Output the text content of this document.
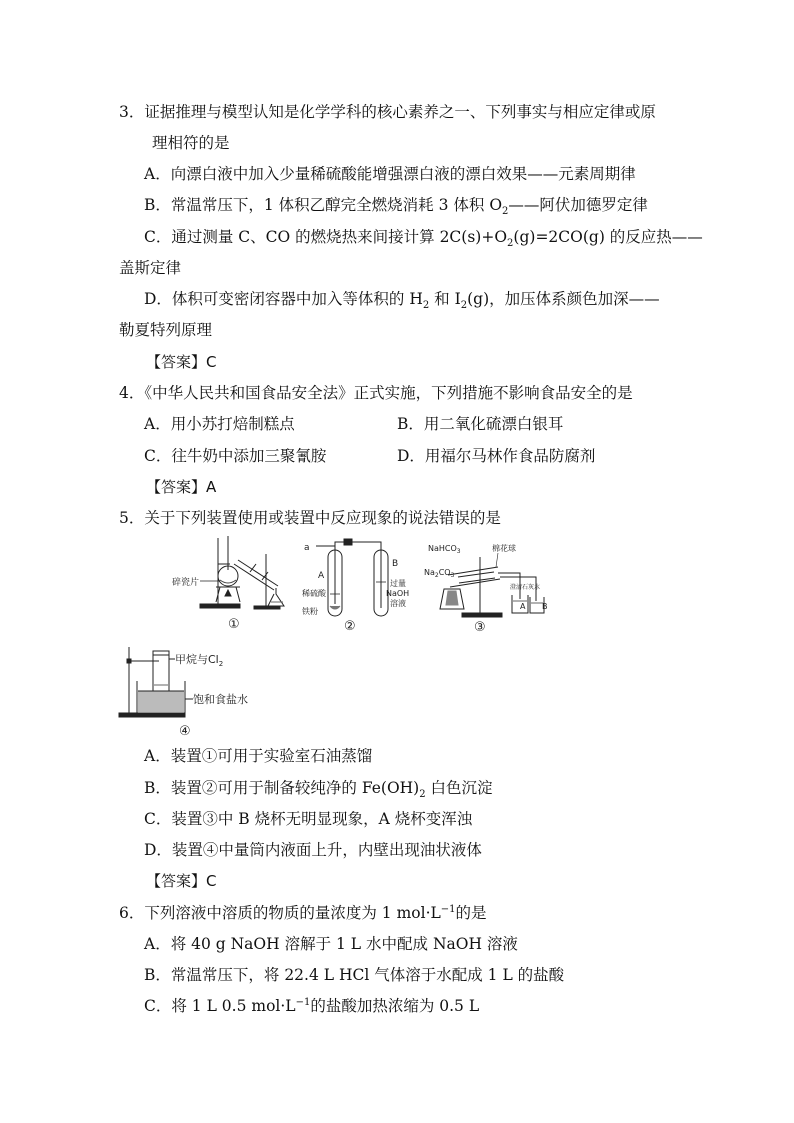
3．证据推理与模型认知是化学学科的核心素养之一、下列事实与相应定律或原
理相符的是
A．向漂白液中加入少量稀硫酸能增强漂白液的漂白效果——元素周期律
B．常温常压下，1 体积乙醇完全燃烧消耗 3 体积 $O_2——$阿伏加德罗定律
C．通过测量 C、CO 的燃烧热来间接计算 $2C(s)+O_2(g)=2CO(g)$ 的反应热——
盖斯定律
D．体积可变密闭容器中加入等体积的 $H_2$ 和 $I_2(g)$，加压体系颜色加深——
勒夏特列原理
【答案】C
4．《中华人民共和国食品安全法》正式实施，下列措施不影响食品安全的是
A．用小苏打焙制糕点	B．用二氧化硫漂白银耳
C．往牛奶中添加三聚氰胺	D．用福尔马林作食品防腐剂
【答案】A
5．关于下列装置使用或装置中反应现象的说法错误的是
碎瓷片
①
a
A
B
稀硫酸
铁粉
过量
NaOH
溶液
②
NaHCO$_3$	棉花球
$Na_2CO_3$
澄清石灰水
A B
③
甲烷与$Cl_2$
饱和食盐水
④
A．装置①可用于实验室石油蒸馏
B．装置②可用于制备较纯净的 $Fe(OH)_2$ 白色沉淀
C．装置③中 B 烧杯无明显现象，A 烧杯变浑浊
D．装置④中量筒内液面上升，内壁出现油状液体
【答案】C
6．下列溶液中溶质的物质的量浓度为 1 $mol\cdot L^{-1}$的是
A．将 40 g NaOH 溶解于 1 L 水中配成 NaOH 溶液
B．常温常压下，将 22.4 L HCl 气体溶于水配成 1 L 的盐酸
C．将 1 L 0.5 $mol\cdot L^{-1}$的盐酸加热浓缩为 0.5 L
